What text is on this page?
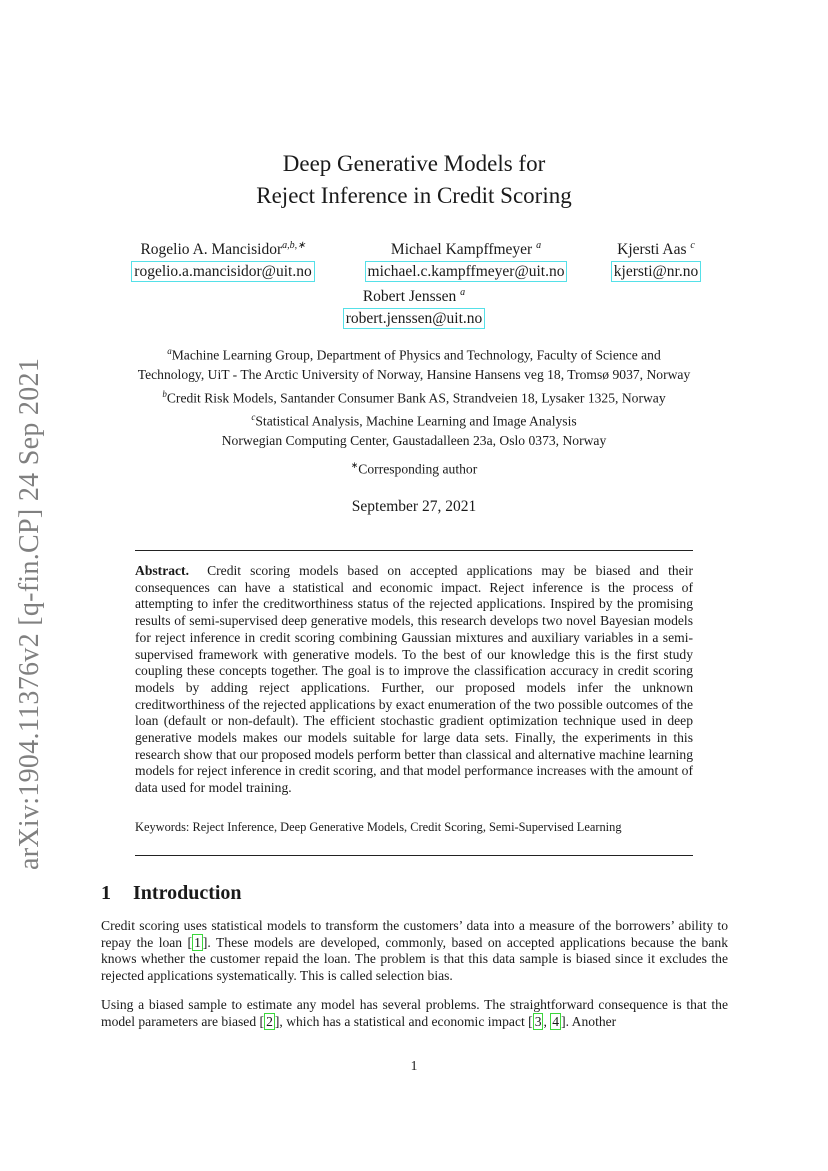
arXiv:1904.11376v2 [q-fin.CP] 24 Sep 2021
Deep Generative Models for
Reject Inference in Credit Scoring
Rogelio A. Mancisidor$^{a,b,∗}$
rogelio.a.mancisidor@uit.no
Michael Kampffmeyer $^a$
michael.c.kampffmeyer@uit.no
Kjersti Aas $^c$
kjersti@nr.no
Robert Jenssen $^a$
robert.jenssen@uit.no
$^a$Machine Learning Group, Department of Physics and Technology, Faculty of Science and
Technology, UiT - The Arctic University of Norway, Hansine Hansens veg 18, Tromsø 9037, Norway
$^b$Credit Risk Models, Santander Consumer Bank AS, Strandveien 18, Lysaker 1325, Norway
$^c$Statistical Analysis, Machine Learning and Image Analysis
Norwegian Computing Center, Gaustadalleen 23a, Oslo 0373, Norway
∗Corresponding author
September 27, 2021
Abstract. Credit scoring models based on accepted applications may be biased and their consequences can have a statistical and economic impact. Reject inference is the process of attempting to infer the creditworthiness status of the rejected applications. Inspired by the promising results of semi-supervised deep generative models, this research develops two novel Bayesian models for reject inference in credit scoring combining Gaussian mixtures and auxiliary variables in a semi-supervised framework with generative models. To the best of our knowledge this is the first study coupling these concepts together. The goal is to improve the classification accuracy in credit scoring models by adding reject applications. Further, our proposed models infer the unknown creditworthiness of the rejected applications by exact enumeration of the two possible outcomes of the loan (default or non-default). The efficient stochastic gradient optimization technique used in deep generative models makes our models suitable for large data sets. Finally, the experiments in this research show that our proposed models perform better than classical and alternative machine learning models for reject inference in credit scoring, and that model performance increases with the amount of data used for model training.
Keywords: Reject Inference, Deep Generative Models, Credit Scoring, Semi-Supervised Learning
1 Introduction
Credit scoring uses statistical models to transform the customers’ data into a measure of the borrowers’ ability to repay the loan [ 1 ]. These models are developed, commonly, based on accepted applications because the bank knows whether the customer repaid the loan. The problem is that this data sample is biased since it excludes the rejected applications systematically. This is called selection bias.
Using a biased sample to estimate any model has several problems. The straightforward consequence is that the model parameters are biased [ 2 ], which has a statistical and economic impact [ 3 , 4 ]. Another
1
